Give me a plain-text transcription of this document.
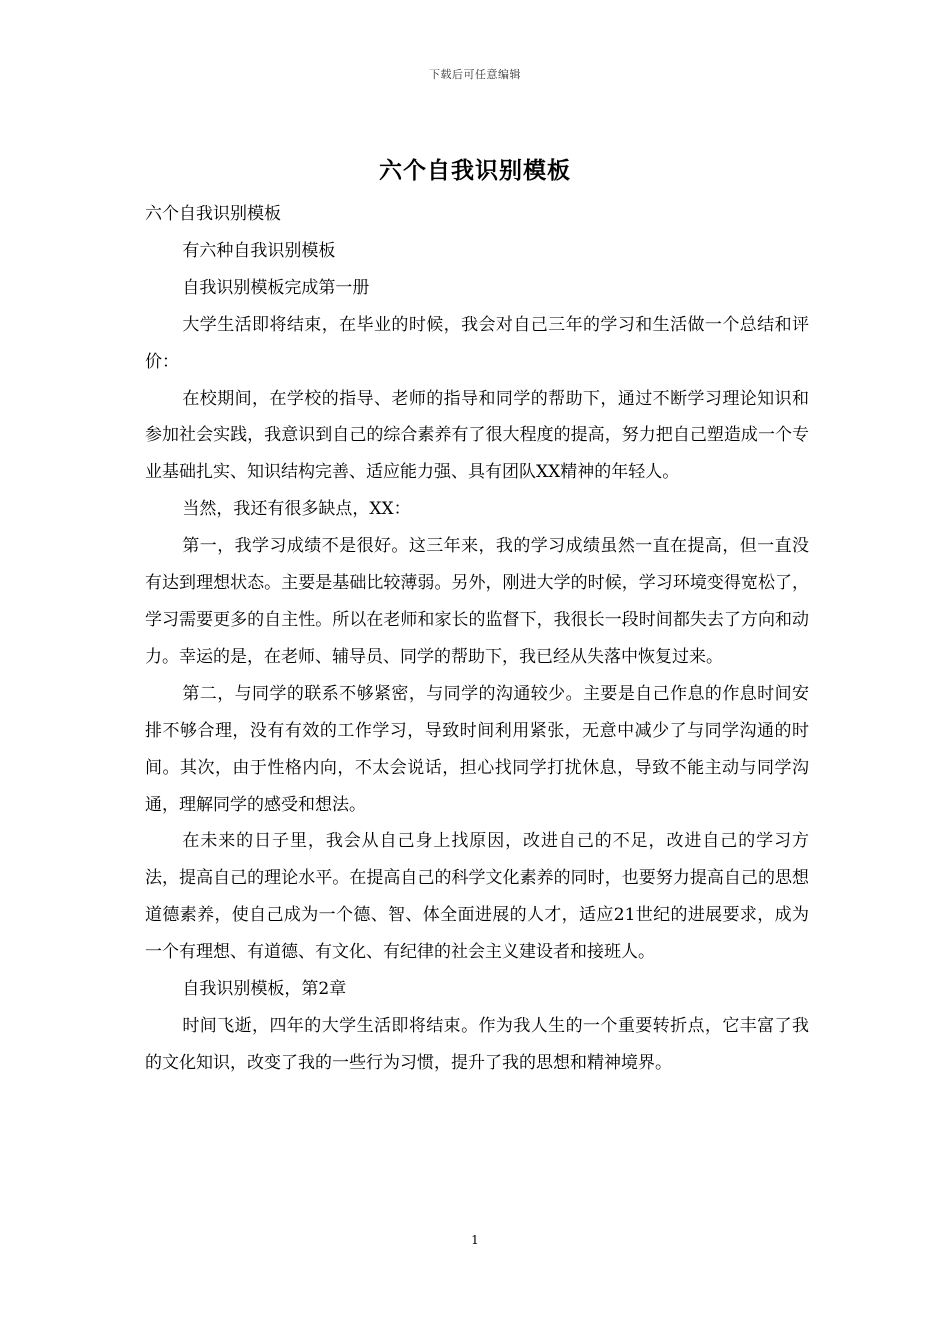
下载后可任意编辑
六个自我识别模板

六个自我识别模板

有六种自我识别模板

自我识别模板完成第一册

大学生活即将结束，在毕业的时候，我会对自己三年的学习和生活做一个总结和评价：

在校期间，在学校的指导、老师的指导和同学的帮助下，通过不断学习理论知识和参加社会实践，我意识到自己的综合素养有了很大程度的提高，努力把自己塑造成一个专业基础扎实、知识结构完善、适应能力强、具有团队XX精神的年轻人。

当然，我还有很多缺点，XX：

第一，我学习成绩不是很好。这三年来，我的学习成绩虽然一直在提高，但一直没有达到理想状态。主要是基础比较薄弱。另外，刚进大学的时候，学习环境变得宽松了，学习需要更多的自主性。所以在老师和家长的监督下，我很长一段时间都失去了方向和动力。幸运的是，在老师、辅导员、同学的帮助下，我已经从失落中恢复过来。

第二，与同学的联系不够紧密，与同学的沟通较少。主要是自己作息的作息时间安排不够合理，没有有效的工作学习，导致时间利用紧张，无意中减少了与同学沟通的时间。其次，由于性格内向，不太会说话，担心找同学打扰休息，导致不能主动与同学沟通，理解同学的感受和想法。

在未来的日子里，我会从自己身上找原因，改进自己的不足，改进自己的学习方法，提高自己的理论水平。在提高自己的科学文化素养的同时，也要努力提高自己的思想道德素养，使自己成为一个德、智、体全面进展的人才，适应21世纪的进展要求，成为一个有理想、有道德、有文化、有纪律的社会主义建设者和接班人。

自我识别模板，第2章

时间飞逝，四年的大学生活即将结束。作为我人生的一个重要转折点，它丰富了我的文化知识，改变了我的一些行为习惯，提升了我的思想和精神境界。

1
